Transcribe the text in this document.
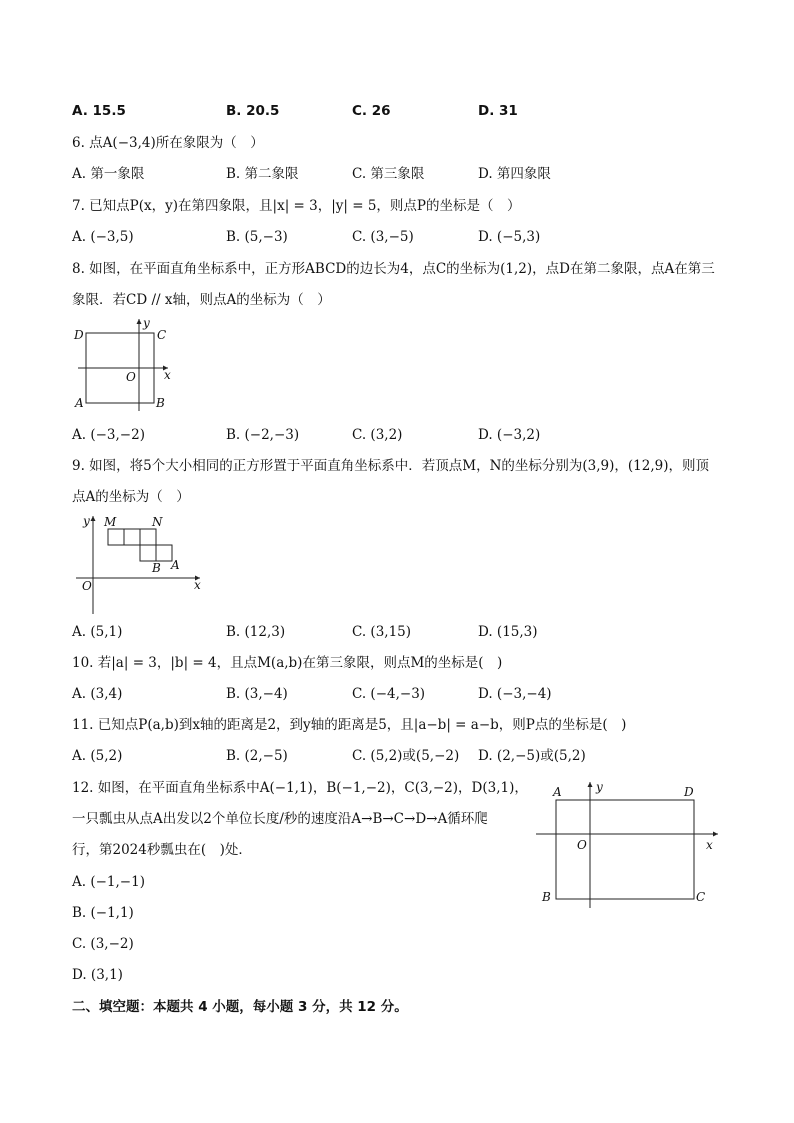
A. 15.5	B. 20.5	C. 26	D. 31
6. 点A(−3,4)所在象限为（　）
A. 第一象限	B. 第二象限	C. 第三象限	D. 第四象限
7. 已知点P(x，y)在第四象限，且|x| = 3，|y| = 5，则点P的坐标是（　）
A. (−3,5)	B. (5,−3)	C. (3,−5)	D. (−5,3)
8. 如图，在平面直角坐标系中，正方形ABCD的边长为4，点C的坐标为(1,2)，点D在第二象限，点A在第三
象限．若CD // x轴，则点A的坐标为（　）
D	C
A	B
O x
y
A. (−3,−2)	B. (−2,−3)	C. (3,2)	D. (−3,2)
9. 如图，将5个大小相同的正方形置于平面直角坐标系中．若顶点M，N的坐标分别为(3,9)，(12,9)，则顶
点A的坐标为（　）
M	N
B A
O	x
y
A. (5,1)	B. (12,3)	C. (3,15)	D. (15,3)
10. 若|a| = 3，|b| = 4，且点M(a,b)在第三象限，则点M的坐标是(　)
A. (3,4)	B. (3,−4)	C. (−4,−3)	D. (−3,−4)
11. 已知点P(a,b)到x轴的距离是2，到y轴的距离是5，且|a−b| = a−b，则P点的坐标是(　)
A. (5,2)	B. (2,−5)	C. (5,2)或(5,−2) D. (2,−5)或(5,2)
12. 如图，在平面直角坐标系中A(−1,1)，B(−1,−2)，C(3,−2)，D(3,1)，
一只瓢虫从点A出发以2个单位长度/秒的速度沿A→B→C→D→A循环爬
行，第2024秒瓢虫在(　)处．
A. (−1,−1)
B. (−1,1)
C. (3,−2)
D. (3,1)
A	D
B	C
O	x
y
二、填空题：本题共 4 小题，每小题 3 分，共 12 分。
